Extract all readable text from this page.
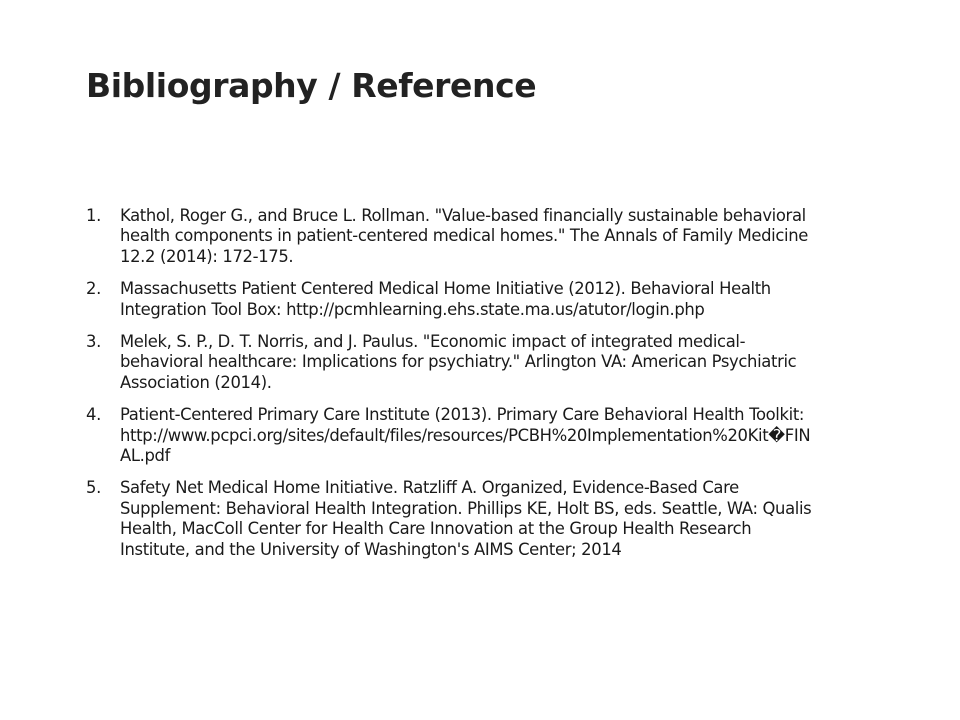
Bibliography / Reference
1.	Kathol, Roger G., and Bruce L. Rollman. "Value-based financially sustainable behavioral health components in patient-centered medical homes." The Annals of Family Medicine 12.2 (2014): 172-175.
2.	Massachusetts Patient Centered Medical Home Initiative (2012). Behavioral Health Integration Tool Box: http://pcmhlearning.ehs.state.ma.us/atutor/login.php
3.	Melek, S. P., D. T. Norris, and J. Paulus. "Economic impact of integrated medical-behavioral healthcare: Implications for psychiatry." Arlington VA: American Psychiatric Association (2014).
4.	Patient-Centered Primary Care Institute (2013). Primary Care Behavioral Health Toolkit: http://www.pcpci.org/sites/default/files/resources/PCBH%20Implementation%20Kit�FINAL.pdf
5.	Safety Net Medical Home Initiative. Ratzliff A. Organized, Evidence-Based Care Supplement: Behavioral Health Integration. Phillips KE, Holt BS, eds. Seattle, WA: Qualis Health, MacColl Center for Health Care Innovation at the Group Health Research Institute, and the University of Washington's AIMS Center; 2014
